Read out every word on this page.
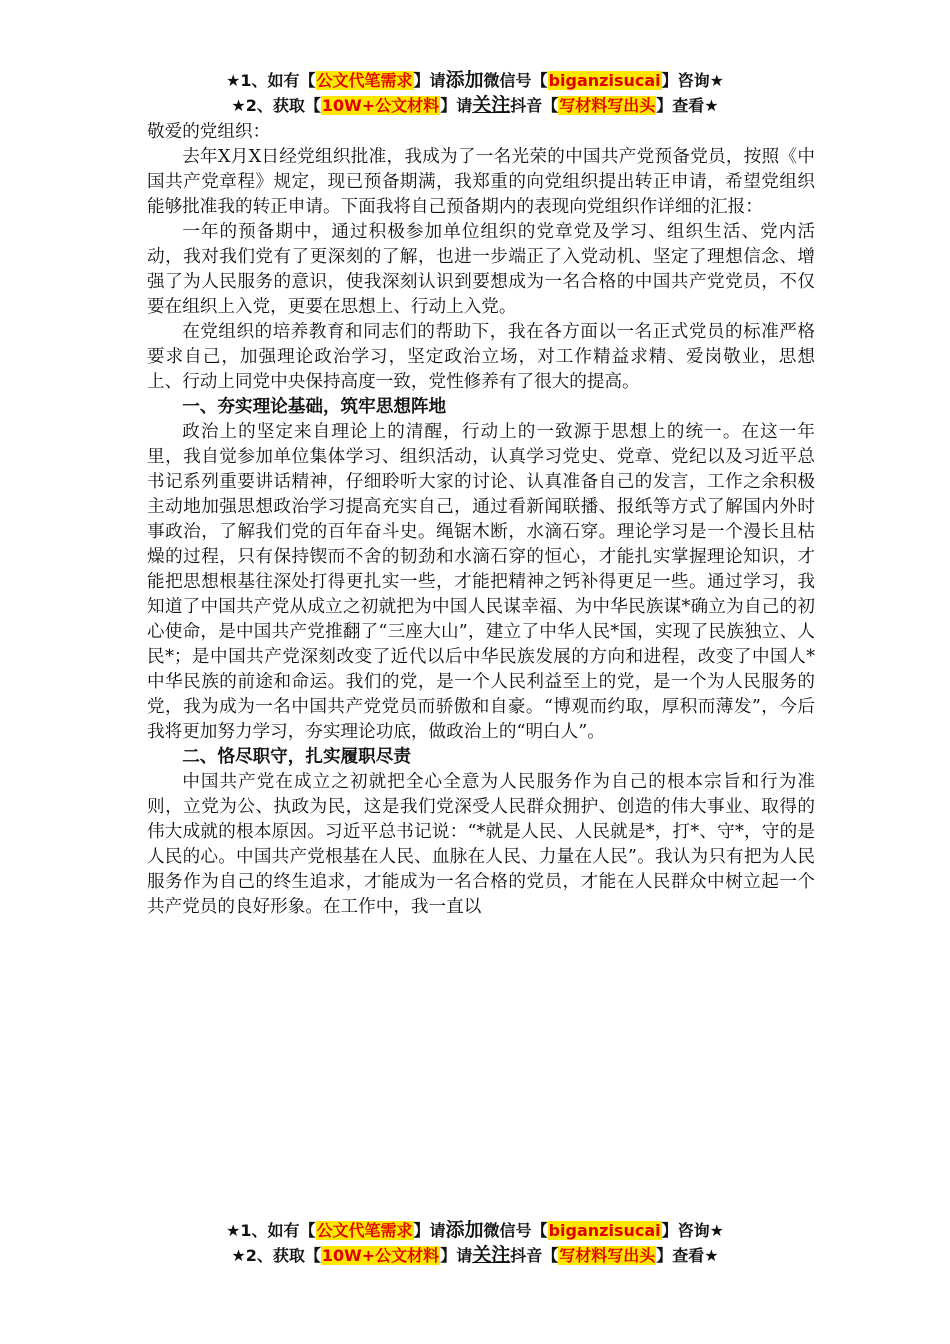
★1、如有【公文代笔需求】请添加微信号【biganzisucai】咨询★
★2、获取【10W+公文材料】请关注抖音【写材料写出头】查看★

敬爱的党组织：

去年X月X日经党组织批准，我成为了一名光荣的中国共产党预备党员，按照《中国共产党章程》规定，现已预备期满，我郑重的向党组织提出转正申请，希望党组织能够批准我的转正申请。下面我将自己预备期内的表现向党组织作详细的汇报：

一年的预备期中，通过积极参加单位组织的党章党及学习、组织生活、党内活动，我对我们党有了更深刻的了解，也进一步端正了入党动机、坚定了理想信念、增强了为人民服务的意识，使我深刻认识到要想成为一名合格的中国共产党党员，不仅要在组织上入党，更要在思想上、行动上入党。

在党组织的培养教育和同志们的帮助下，我在各方面以一名正式党员的标准严格要求自己，加强理论政治学习，坚定政治立场，对工作精益求精、爱岗敬业，思想上、行动上同党中央保持高度一致，党性修养有了很大的提高。

一、夯实理论基础，筑牢思想阵地

政治上的坚定来自理论上的清醒，行动上的一致源于思想上的统一。在这一年里，我自觉参加单位集体学习、组织活动，认真学习党史、党章、党纪以及习近平总书记系列重要讲话精神，仔细聆听大家的讨论、认真准备自己的发言，工作之余积极主动地加强思想政治学习提高充实自己，通过看新闻联播、报纸等方式了解国内外时事政治，了解我们党的百年奋斗史。绳锯木断，水滴石穿。理论学习是一个漫长且枯燥的过程，只有保持锲而不舍的韧劲和水滴石穿的恒心，才能扎实掌握理论知识，才能把思想根基往深处打得更扎实一些，才能把精神之钙补得更足一些。通过学习，我知道了中国共产党从成立之初就把为中国人民谋幸福、为中华民族谋*确立为自己的初心使命，是中国共产党推翻了“三座大山”，建立了中华人民*国，实现了民族独立、人民*；是中国共产党深刻改变了近代以后中华民族发展的方向和进程，改变了中国人*中华民族的前途和命运。我们的党，是一个人民利益至上的党，是一个为人民服务的党，我为成为一名中国共产党党员而骄傲和自豪。“博观而约取，厚积而薄发”，今后我将更加努力学习，夯实理论功底，做政治上的“明白人”。

二、恪尽职守，扎实履职尽责

中国共产党在成立之初就把全心全意为人民服务作为自己的根本宗旨和行为准则，立党为公、执政为民，这是我们党深受人民群众拥护、创造的伟大事业、取得的伟大成就的根本原因。习近平总书记说：“*就是人民、人民就是*，打*、守*，守的是人民的心。中国共产党根基在人民、血脉在人民、力量在人民”。我认为只有把为人民服务作为自己的终生追求，才能成为一名合格的党员，才能在人民群众中树立起一个共产党员的良好形象。在工作中，我一直以

★1、如有【公文代笔需求】请添加微信号【biganzisucai】咨询★
★2、获取【10W+公文材料】请关注抖音【写材料写出头】查看★
